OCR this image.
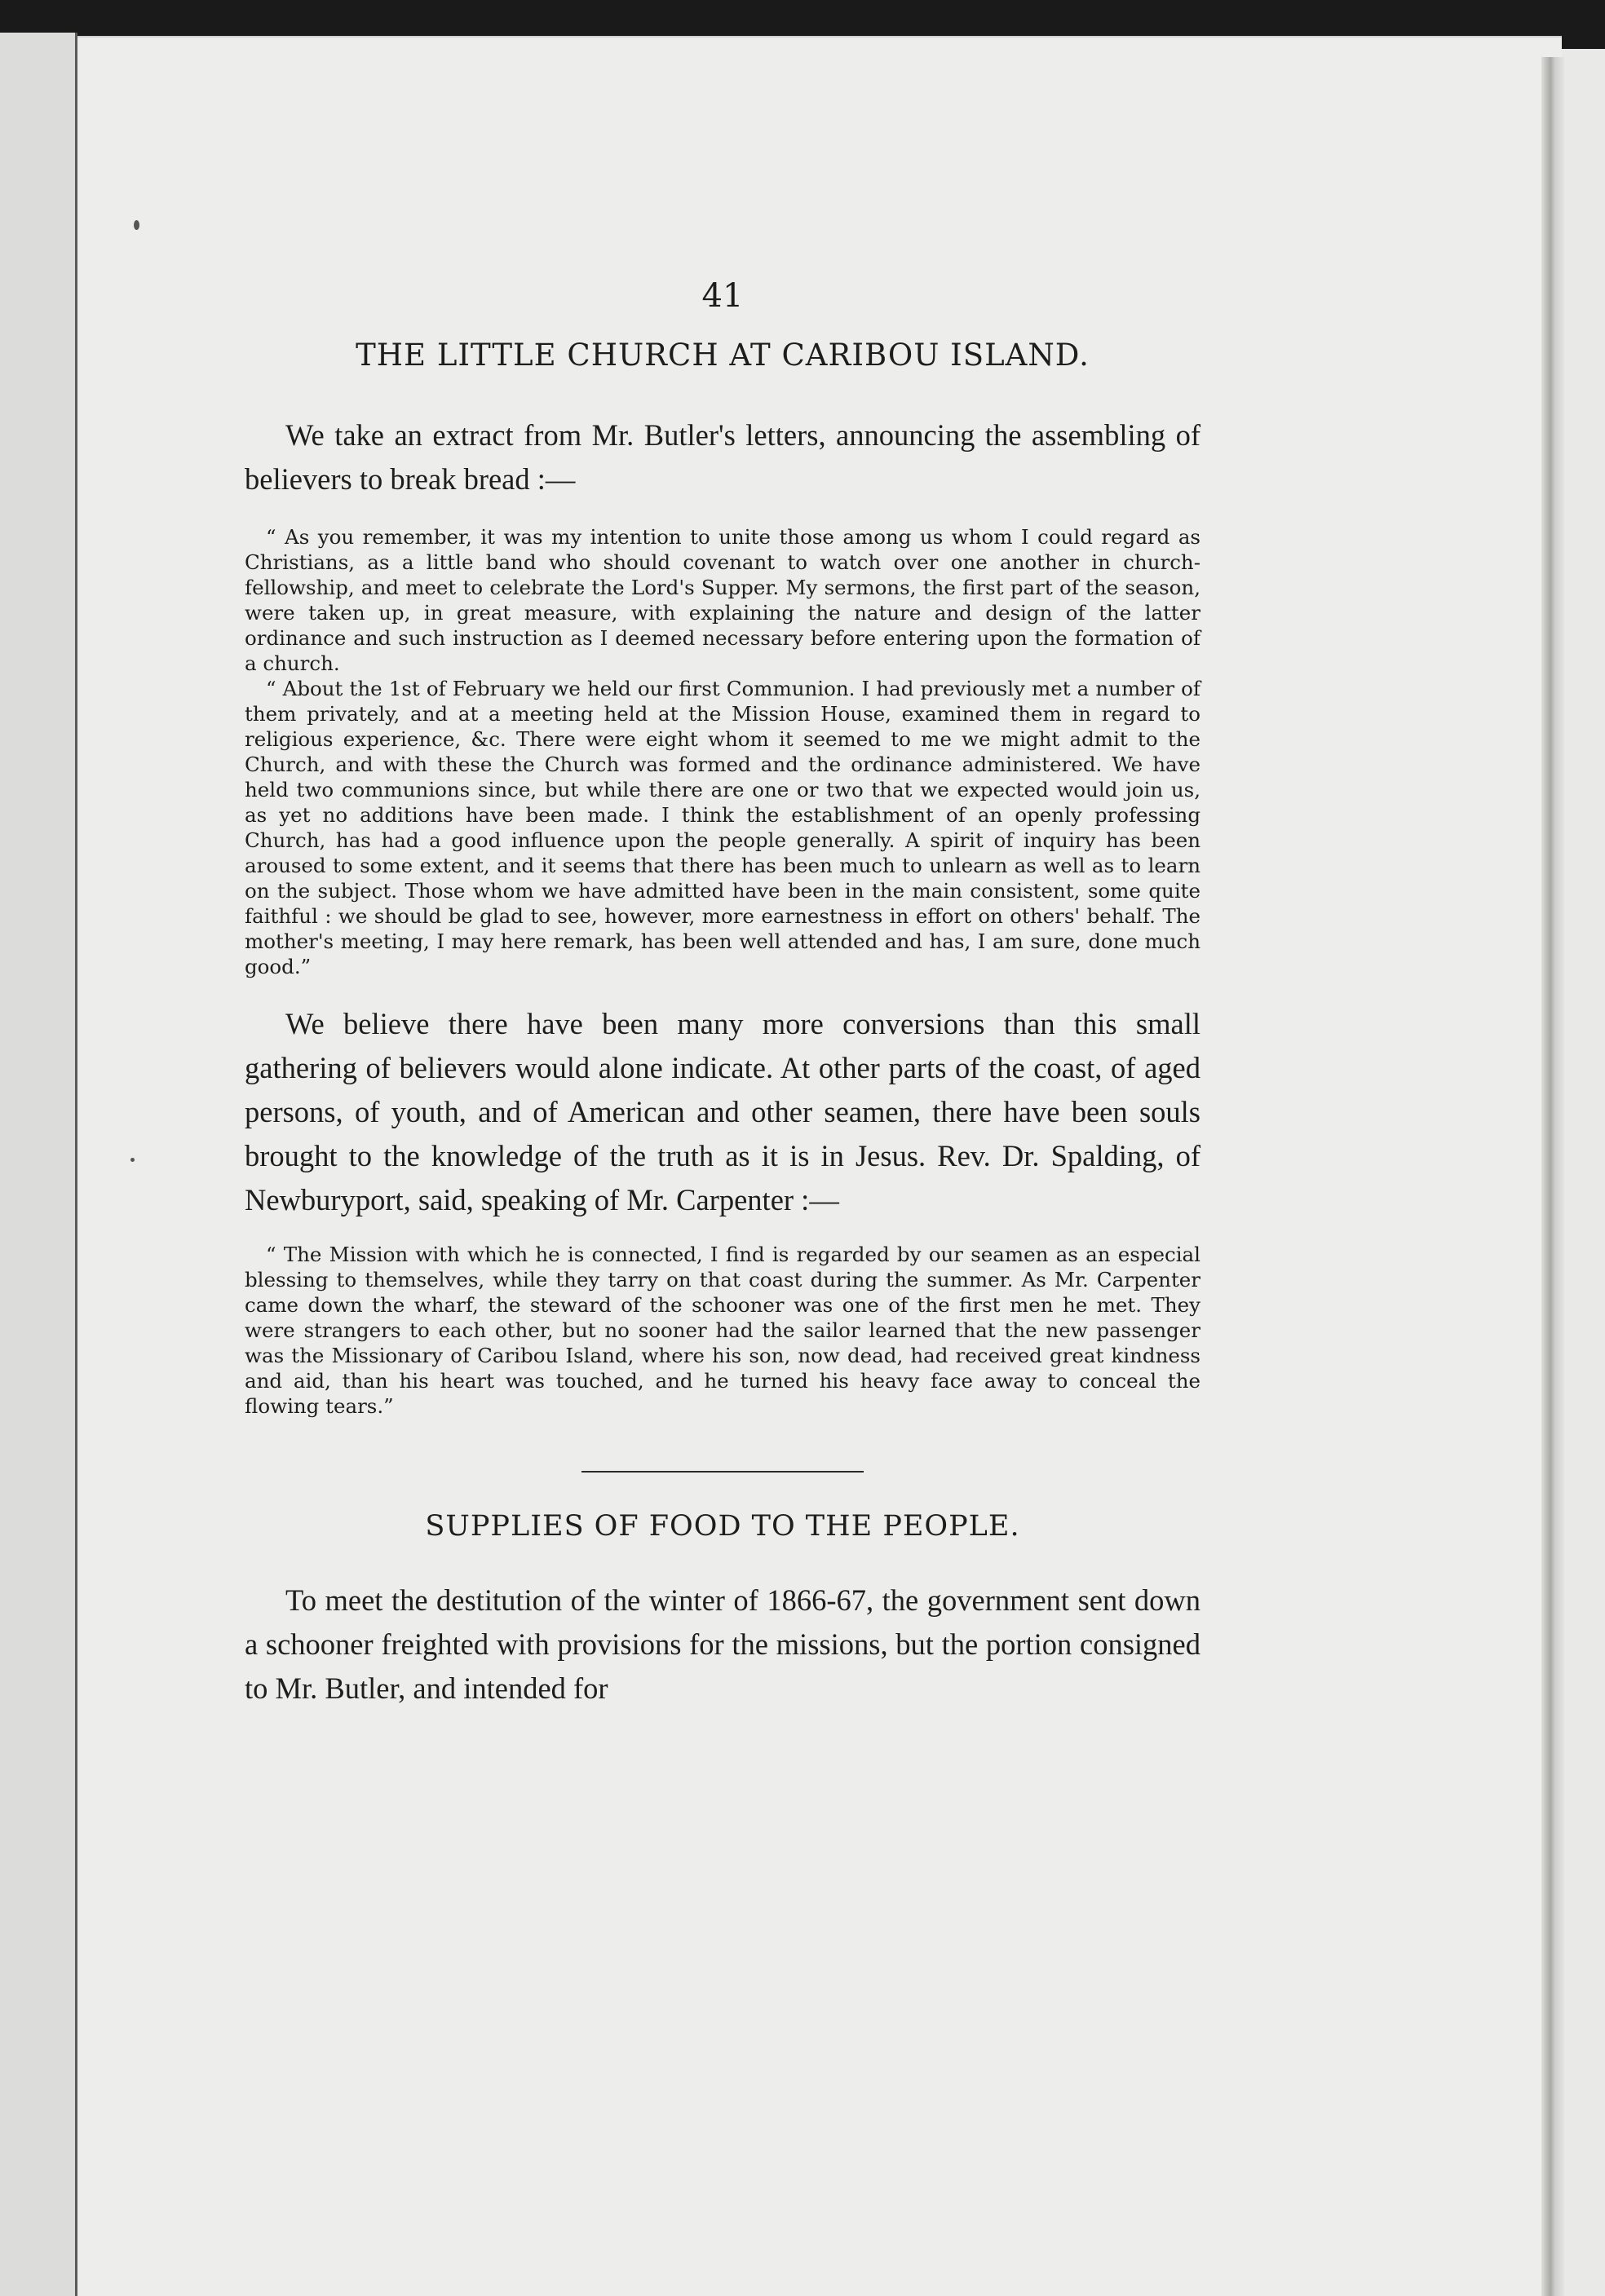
41
THE LITTLE CHURCH AT CARIBOU ISLAND.

We take an extract from Mr. Butler's letters, announcing the assembling of believers to break bread :—

“ As you remember, it was my intention to unite those among us whom I could regard as Christians, as a little band who should covenant to watch over one another in church-fellowship, and meet to celebrate the Lord's Supper. My sermons, the first part of the season, were taken up, in great measure, with explaining the nature and design of the latter ordinance and such instruction as I deemed necessary before entering upon the formation of a church.

“ About the 1st of February we held our first Communion. I had previously met a number of them privately, and at a meeting held at the Mission House, examined them in regard to religious experience, &c. There were eight whom it seemed to me we might admit to the Church, and with these the Church was formed and the ordinance administered. We have held two communions since, but while there are one or two that we expected would join us, as yet no additions have been made. I think the establishment of an openly professing Church, has had a good influence upon the people generally. A spirit of inquiry has been aroused to some extent, and it seems that there has been much to unlearn as well as to learn on the subject. Those whom we have admitted have been in the main consistent, some quite faithful : we should be glad to see, however, more earnestness in effort on others' behalf. The mother's meeting, I may here remark, has been well attended and has, I am sure, done much good.”

We believe there have been many more conversions than this small gathering of believers would alone indicate. At other parts of the coast, of aged persons, of youth, and of American and other seamen, there have been souls brought to the knowledge of the truth as it is in Jesus. Rev. Dr. Spalding, of Newburyport, said, speaking of Mr. Carpenter :—

“ The Mission with which he is connected, I find is regarded by our seamen as an especial blessing to themselves, while they tarry on that coast during the summer. As Mr. Carpenter came down the wharf, the steward of the schooner was one of the first men he met. They were strangers to each other, but no sooner had the sailor learned that the new passenger was the Missionary of Caribou Island, where his son, now dead, had received great kindness and aid, than his heart was touched, and he turned his heavy face away to conceal the flowing tears.”

SUPPLIES OF FOOD TO THE PEOPLE.

To meet the destitution of the winter of 1866-67, the government sent down a schooner freighted with provisions for the missions, but the portion consigned to Mr. Butler, and intended for
